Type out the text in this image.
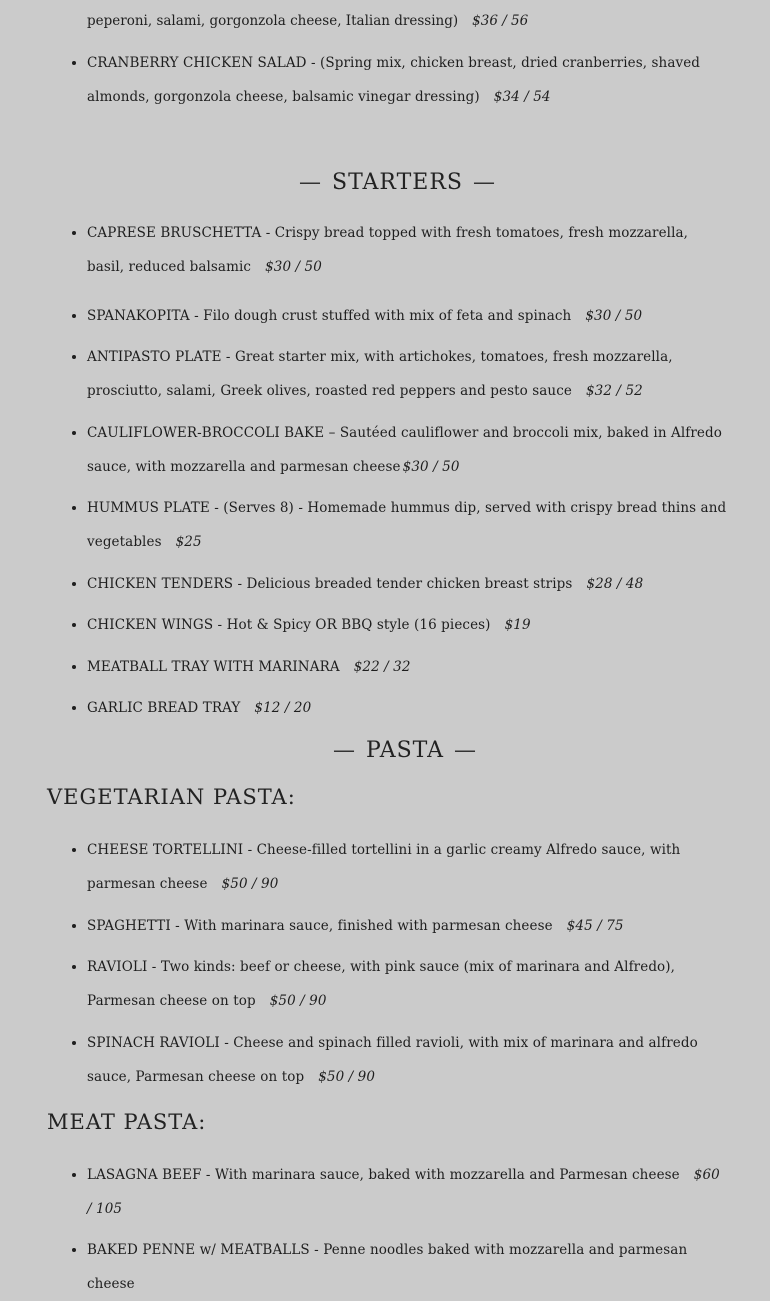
peperoni, salami, gorgonzola cheese, Italian dressing) $36 / 56
• CRANBERRY CHICKEN SALAD - (Spring mix, chicken breast, dried cranberries, shaved almonds, gorgonzola cheese, balsamic vinegar dressing) $34 / 54
— STARTERS —
• CAPRESE BRUSCHETTA - Crispy bread topped with fresh tomatoes, fresh mozzarella, basil, reduced balsamic $30 / 50
• SPANAKOPITA - Filo dough crust stuffed with mix of feta and spinach $30 / 50
• ANTIPASTO PLATE - Great starter mix, with artichokes, tomatoes, fresh mozzarella, prosciutto, salami, Greek olives, roasted red peppers and pesto sauce $32 / 52
• CAULIFLOWER-BROCCOLI BAKE – Sautéed cauliflower and broccoli mix, baked in Alfredo sauce, with mozzarella and parmesan cheese $30 / 50
• HUMMUS PLATE - (Serves 8) - Homemade hummus dip, served with crispy bread thins and vegetables $25
• CHICKEN TENDERS - Delicious breaded tender chicken breast strips $28 / 48
• CHICKEN WINGS - Hot & Spicy OR BBQ style (16 pieces) $19
• MEATBALL TRAY WITH MARINARA $22 / 32
• GARLIC BREAD TRAY $12 / 20
— PASTA —
VEGETARIAN PASTA:
• CHEESE TORTELLINI - Cheese-filled tortellini in a garlic creamy Alfredo sauce, with parmesan cheese $50 / 90
• SPAGHETTI - With marinara sauce, finished with parmesan cheese $45 / 75
• RAVIOLI - Two kinds: beef or cheese, with pink sauce (mix of marinara and Alfredo), Parmesan cheese on top $50 / 90
• SPINACH RAVIOLI - Cheese and spinach filled ravioli, with mix of marinara and alfredo sauce, Parmesan cheese on top $50 / 90
MEAT PASTA:
• LASAGNA BEEF - With marinara sauce, baked with mozzarella and Parmesan cheese $60 / 105
• BAKED PENNE w/ MEATBALLS - Penne noodles baked with mozzarella and parmesan cheese
